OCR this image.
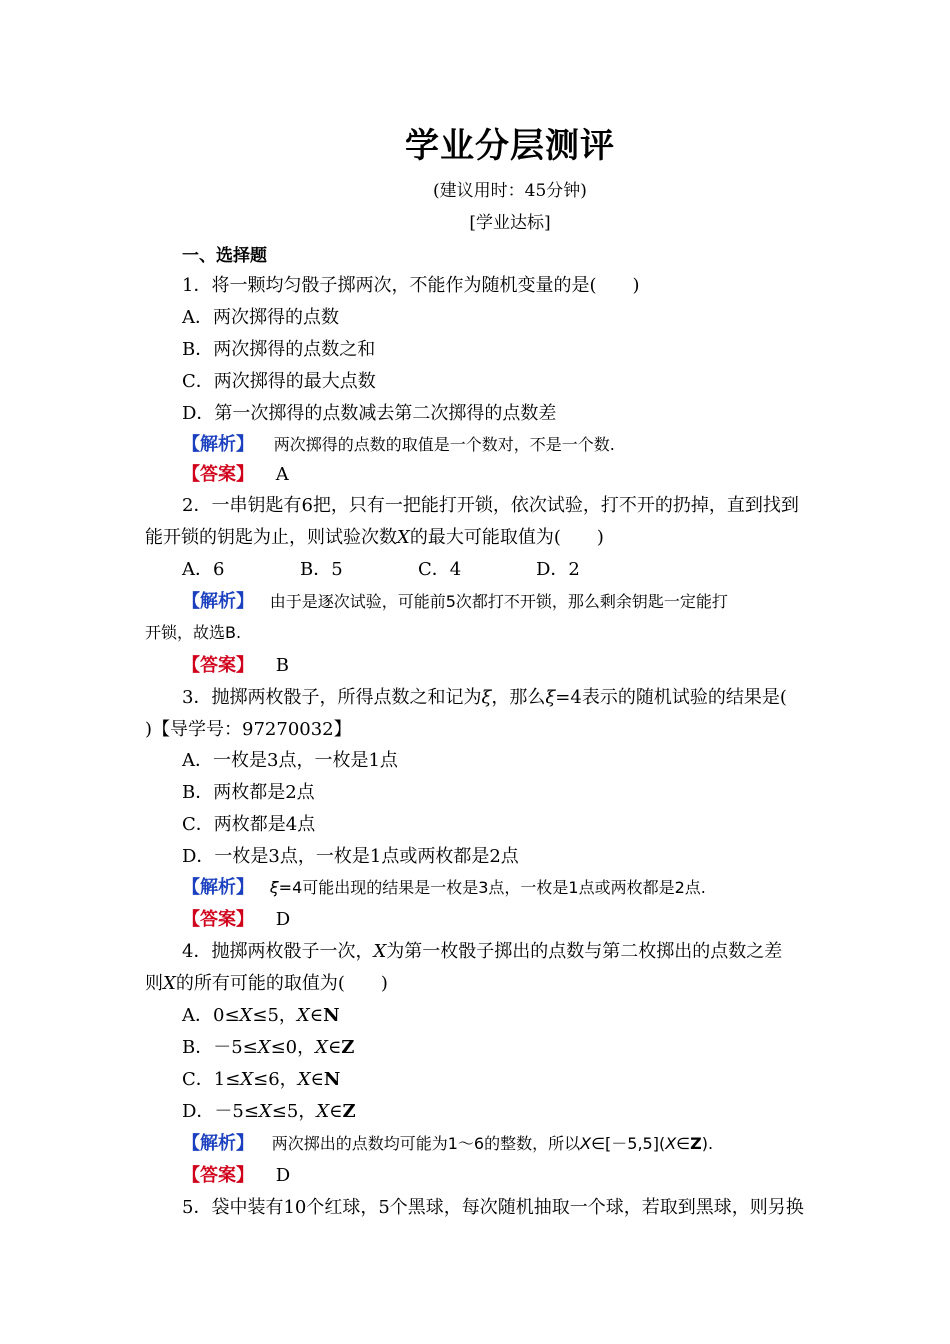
学业分层测评
(建议用时：45分钟)
[学业达标]
一、选择题
1．将一颗均匀骰子掷两次，不能作为随机变量的是(　　)
A．两次掷得的点数
B．两次掷得的点数之和
C．两次掷得的最大点数
D．第一次掷得的点数减去第二次掷得的点数差
【解析】 两次掷得的点数的取值是一个数对，不是一个数.
【答案】 A
2．一串钥匙有6把，只有一把能打开锁，依次试验，打不开的扔掉，直到找到
能开锁的钥匙为止，则试验次数X的最大可能取值为(　　)
A．6	B．5	C．4	D．2
【解析】 由于是逐次试验，可能前5次都打不开锁，那么剩余钥匙一定能打
开锁，故选B.
【答案】 B
3．抛掷两枚骰子，所得点数之和记为ξ，那么ξ=4表示的随机试验的结果是(
)【导学号：97270032】
A．一枚是3点，一枚是1点
B．两枚都是2点
C．两枚都是4点
D．一枚是3点，一枚是1点或两枚都是2点
【解析】 ξ=4可能出现的结果是一枚是3点，一枚是1点或两枚都是2点.
【答案】 D
4．抛掷两枚骰子一次，X为第一枚骰子掷出的点数与第二枚掷出的点数之差
则X的所有可能的取值为(　　)
A．0≤X≤5，X∈N
B．－5≤X≤0，X∈Z
C．1≤X≤6，X∈N
D．－5≤X≤5，X∈Z
【解析】 两次掷出的点数均可能为1～6的整数，所以X∈[－5,5](X∈Z).
【答案】 D
5．袋中装有10个红球，5个黑球，每次随机抽取一个球，若取到黑球，则另换
